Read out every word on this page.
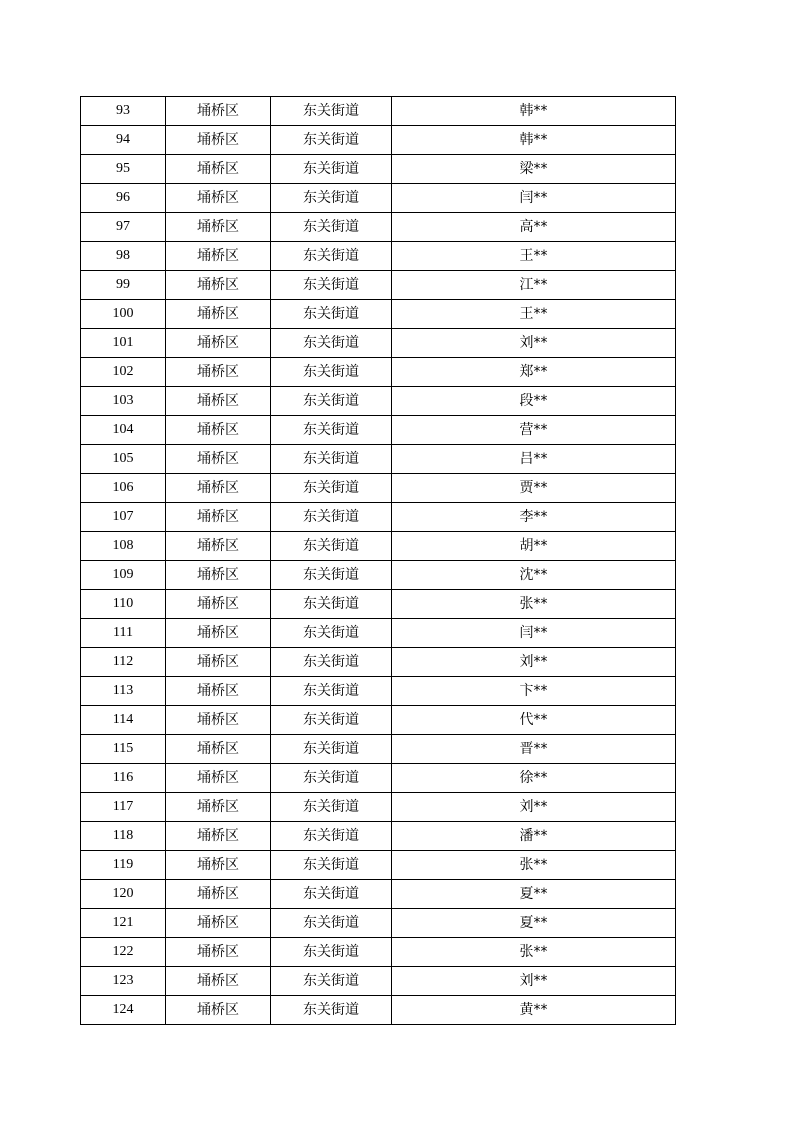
93	埇桥区	东关街道	韩**
94	埇桥区	东关街道	韩**
95	埇桥区	东关街道	梁**
96	埇桥区	东关街道	闫**
97	埇桥区	东关街道	高**
98	埇桥区	东关街道	王**
99	埇桥区	东关街道	江**
100	埇桥区	东关街道	王**
101	埇桥区	东关街道	刘**
102	埇桥区	东关街道	郑**
103	埇桥区	东关街道	段**
104	埇桥区	东关街道	营**
105	埇桥区	东关街道	吕**
106	埇桥区	东关街道	贾**
107	埇桥区	东关街道	李**
108	埇桥区	东关街道	胡**
109	埇桥区	东关街道	沈**
110	埇桥区	东关街道	张**
111	埇桥区	东关街道	闫**
112	埇桥区	东关街道	刘**
113	埇桥区	东关街道	卞**
114	埇桥区	东关街道	代**
115	埇桥区	东关街道	晋**
116	埇桥区	东关街道	徐**
117	埇桥区	东关街道	刘**
118	埇桥区	东关街道	潘**
119	埇桥区	东关街道	张**
120	埇桥区	东关街道	夏**
121	埇桥区	东关街道	夏**
122	埇桥区	东关街道	张**
123	埇桥区	东关街道	刘**
124	埇桥区	东关街道	黄**
